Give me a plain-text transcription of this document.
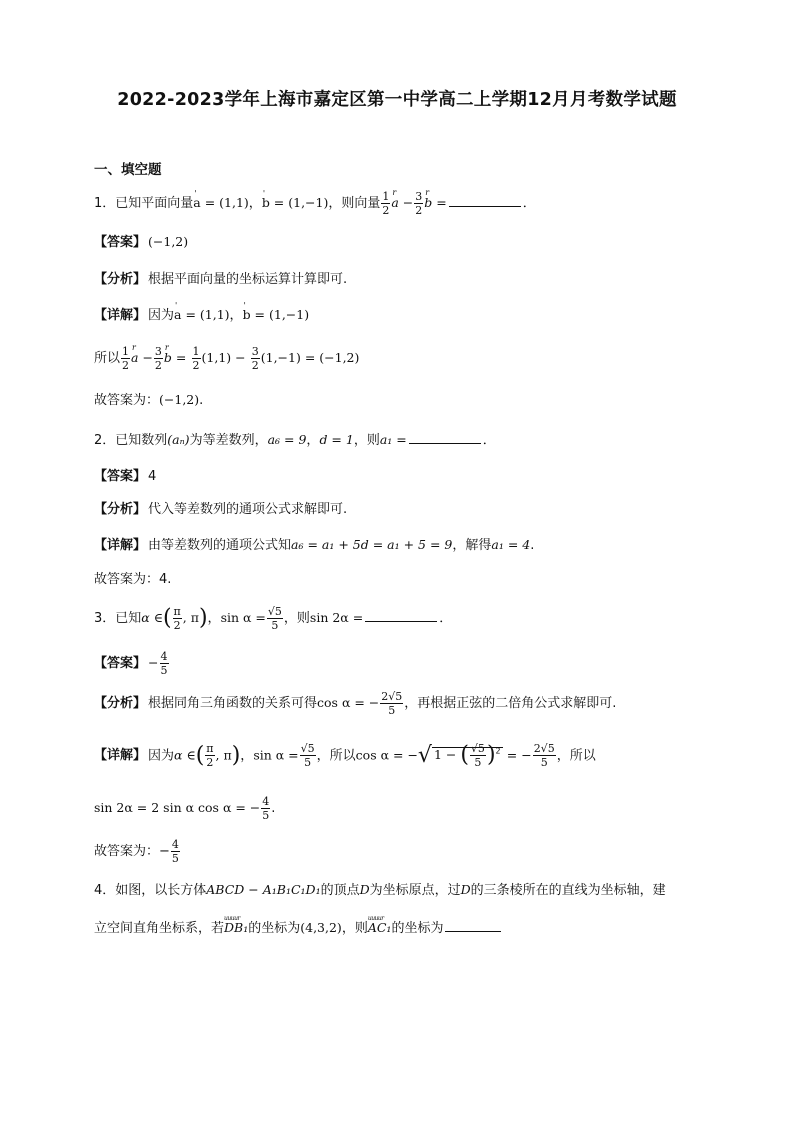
2022-2023学年上海市嘉定区第一中学高二上学期12月月考数学试题
一、填空题
1．已知平面向量' a = (1,1)，' b = (1,−1)，则向量 $\frac{1}{2}$ r $a - \frac{3}{2}$ r b =	．
【答案】 (−1,2)
【分析】 根据平面向量的坐标运算计算即可.
【详解】 因为' a = (1,1)，' b = (1,−1)
所以 $\frac{1}{2}$ r $a - \frac{3}{2}$ r $b = \frac{1}{2} (1,1) - \frac{3}{2} (1,-1) = (-1,2)$
故答案为：(−1,2).
2．已知数列(aₙ)为等差数列，a₆ = 9，d = 1，则a₁ =	．
【答案】 4
【分析】 代入等差数列的通项公式求解即可.
【详解】 由等差数列的通项公式知a₆ = a₁ + 5d = a₁ + 5 = 9，解得a₁ = 4.
故答案为：4.
3．已知α ∈( $\frac{\pi}{2}$ , π)，$\sin \alpha = \frac{√5}{5}$ ，则sin 2α =	．
【答案】 − $\frac{4}{5}$
【分析】 根据同角三角函数的关系可得cos α = − $\frac{2√5}{5}$ ，再根据正弦的二倍角公式求解即可.
【详解】 因为α ∈( $\frac{\pi}{2}$ , π)，$\sin \alpha = \frac{√5}{5}$ ，所以cos α = −√ 1 − ( $\frac{√5}{5} )^2$ = − $\frac{2√5}{5}$ ，所以
sin 2α = 2 sin α cos α = − $\frac{4}{5}$ .
故答案为：− $\frac{4}{5}$
4．如图，以长方体ABCD − A₁B₁C₁D₁的顶点D为坐标原点，过D的三条棱所在的直线为坐标轴，建
立空间直角坐标系，若uuuur DB₁的坐标为(4,3,2)，则uuuur AC₁的坐标为
